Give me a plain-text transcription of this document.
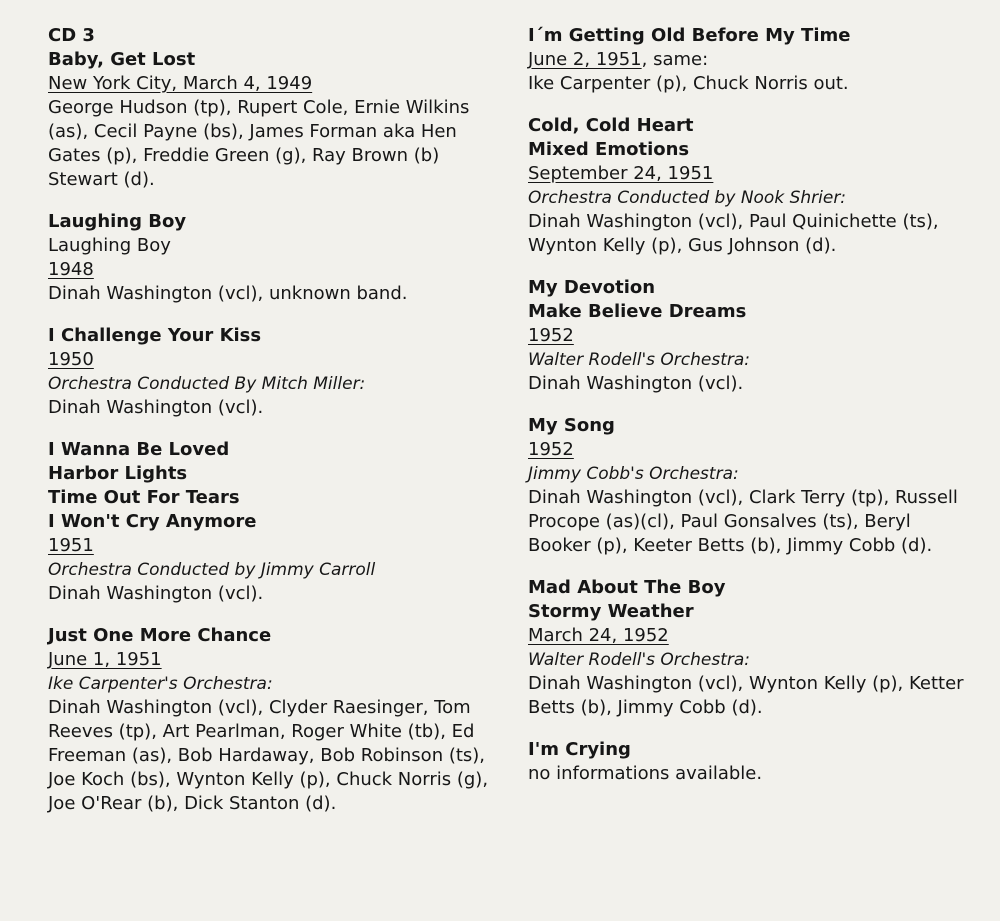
CD 3
Baby, Get Lost
New York City, March 4, 1949
George Hudson (tp), Rupert Cole, Ernie Wilkins (as), Cecil Payne (bs), James Forman aka Hen Gates (p), Freddie Green (g), Ray Brown (b) Stewart (d).
Laughing Boy
Laughing Boy
1948
Dinah Washington (vcl), unknown band.
I Challenge Your Kiss
1950
Orchestra Conducted By Mitch Miller:
Dinah Washington (vcl).
I Wanna Be Loved
Harbor Lights
Time Out For Tears
I Won't Cry Anymore
1951
Orchestra Conducted by Jimmy Carroll
Dinah Washington (vcl).
Just One More Chance
June 1, 1951
Ike Carpenter's Orchestra:
Dinah Washington (vcl), Clyder Raesinger, Tom Reeves (tp), Art Pearlman, Roger White (tb), Ed Freeman (as), Bob Hardaway, Bob Robinson (ts), Joe Koch (bs), Wynton Kelly (p), Chuck Norris (g), Joe O'Rear (b), Dick Stanton (d).
I´m Getting Old Before My Time
June 2, 1951, same:
Ike Carpenter (p), Chuck Norris out.
Cold, Cold Heart
Mixed Emotions
September 24, 1951
Orchestra Conducted by Nook Shrier:
Dinah Washington (vcl), Paul Quinichette (ts), Wynton Kelly (p), Gus Johnson (d).
My Devotion
Make Believe Dreams
1952
Walter Rodell's Orchestra:
Dinah Washington (vcl).
My Song
1952
Jimmy Cobb's Orchestra:
Dinah Washington (vcl), Clark Terry (tp), Russell Procope (as)(cl), Paul Gonsalves (ts), Beryl Booker (p), Keeter Betts (b), Jimmy Cobb (d).
Mad About The Boy
Stormy Weather
March 24, 1952
Walter Rodell's Orchestra:
Dinah Washington (vcl), Wynton Kelly (p), Ketter Betts (b), Jimmy Cobb (d).
I'm Crying
no informations available.
